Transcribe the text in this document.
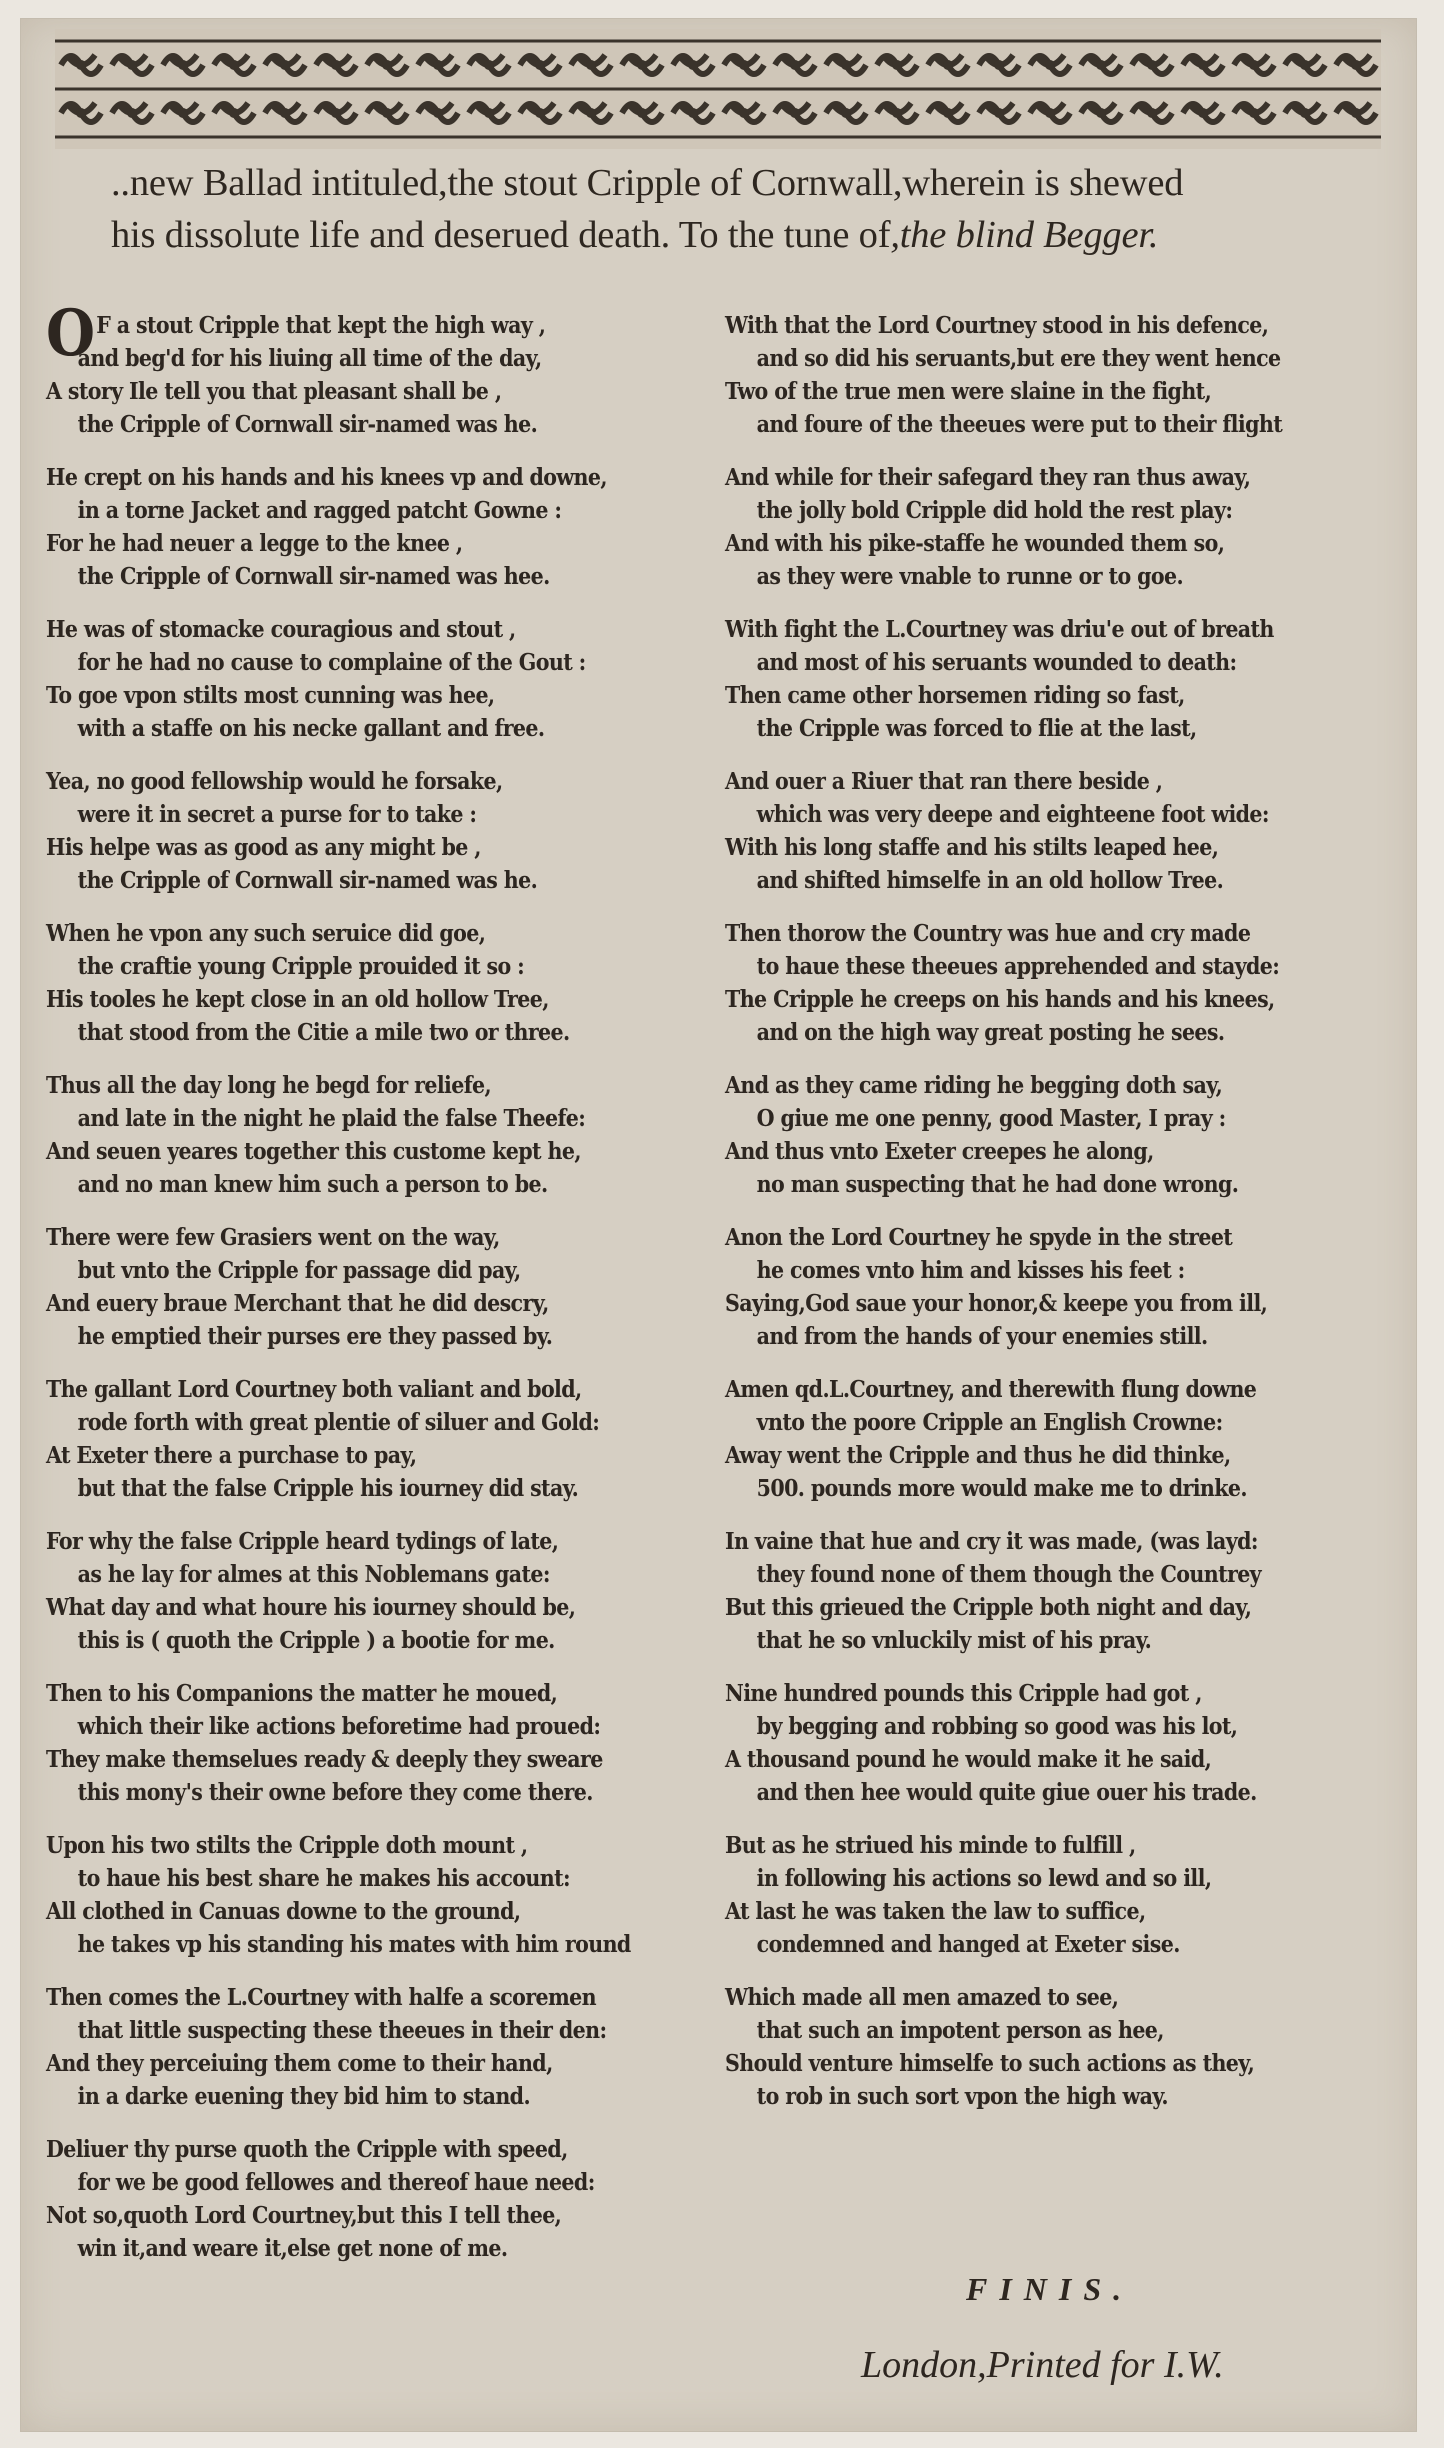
..new Ballad intituled,the stout Cripple of Cornwall,wherein is shewed
his dissolute life and deserued death. To the tune of,the blind Begger.
OF a stout Cripple that kept the high way ,
and beg'd for his liuing all time of the day,
A story Ile tell you that pleasant shall be ,
the Cripple of Cornwall sir-named was he.
He crept on his hands and his knees vp and downe,
in a torne Jacket and ragged patcht Gowne :
For he had neuer a legge to the knee ,
the Cripple of Cornwall sir-named was hee.
He was of stomacke couragious and stout ,
for he had no cause to complaine of the Gout :
To goe vpon stilts most cunning was hee,
with a staffe on his necke gallant and free.
Yea, no good fellowship would he forsake,
were it in secret a purse for to take :
His helpe was as good as any might be ,
the Cripple of Cornwall sir-named was he.
When he vpon any such seruice did goe,
the craftie young Cripple prouided it so :
His tooles he kept close in an old hollow Tree,
that stood from the Citie a mile two or three.
Thus all the day long he begd for reliefe,
and late in the night he plaid the false Theefe:
And seuen yeares together this custome kept he,
and no man knew him such a person to be.
There were few Grasiers went on the way,
but vnto the Cripple for passage did pay,
And euery braue Merchant that he did descry,
he emptied their purses ere they passed by.
The gallant Lord Courtney both valiant and bold,
rode forth with great plentie of siluer and Gold:
At Exeter there a purchase to pay,
but that the false Cripple his iourney did stay.
For why the false Cripple heard tydings of late,
as he lay for almes at this Noblemans gate:
What day and what houre his iourney should be,
this is ( quoth the Cripple ) a bootie for me.
Then to his Companions the matter he moued,
which their like actions beforetime had proued:
They make themselues ready & deeply they sweare
this mony's their owne before they come there.
Upon his two stilts the Cripple doth mount ,
to haue his best share he makes his account:
All clothed in Canuas downe to the ground,
he takes vp his standing his mates with him round
Then comes the L.Courtney with halfe a scoremen
that little suspecting these theeues in their den:
And they perceiuing them come to their hand,
in a darke euening they bid him to stand.
Deliuer thy purse quoth the Cripple with speed,
for we be good fellowes and thereof haue need:
Not so,quoth Lord Courtney,but this I tell thee,
win it,and weare it,else get none of me.
With that the Lord Courtney stood in his defence,
and so did his seruants,but ere they went hence
Two of the true men were slaine in the fight,
and foure of the theeues were put to their flight
And while for their safegard they ran thus away,
the jolly bold Cripple did hold the rest play:
And with his pike-staffe he wounded them so,
as they were vnable to runne or to goe.
With fight the L.Courtney was driu'e out of breath
and most of his seruants wounded to death:
Then came other horsemen riding so fast,
the Cripple was forced to flie at the last,
And ouer a Riuer that ran there beside ,
which was very deepe and eighteene foot wide:
With his long staffe and his stilts leaped hee,
and shifted himselfe in an old hollow Tree.
Then thorow the Country was hue and cry made
to haue these theeues apprehended and stayde:
The Cripple he creeps on his hands and his knees,
and on the high way great posting he sees.
And as they came riding he begging doth say,
O giue me one penny, good Master, I pray :
And thus vnto Exeter creepes he along,
no man suspecting that he had done wrong.
Anon the Lord Courtney he spyde in the street
he comes vnto him and kisses his feet :
Saying,God saue your honor,& keepe you from ill,
and from the hands of your enemies still.
Amen qd.L.Courtney, and therewith flung downe
vnto the poore Cripple an English Crowne:
Away went the Cripple and thus he did thinke,
500. pounds more would make me to drinke.
In vaine that hue and cry it was made, (was layd:
they found none of them though the Countrey
But this grieued the Cripple both night and day,
that he so vnluckily mist of his pray.
Nine hundred pounds this Cripple had got ,
by begging and robbing so good was his lot,
A thousand pound he would make it he said,
and then hee would quite giue ouer his trade.
But as he striued his minde to fulfill ,
in following his actions so lewd and so ill,
At last he was taken the law to suffice,
condemned and hanged at Exeter sise.
Which made all men amazed to see,
that such an impotent person as hee,
Should venture himselfe to such actions as they,
to rob in such sort vpon the high way.
FINIS.
London,Printed for I.W.
